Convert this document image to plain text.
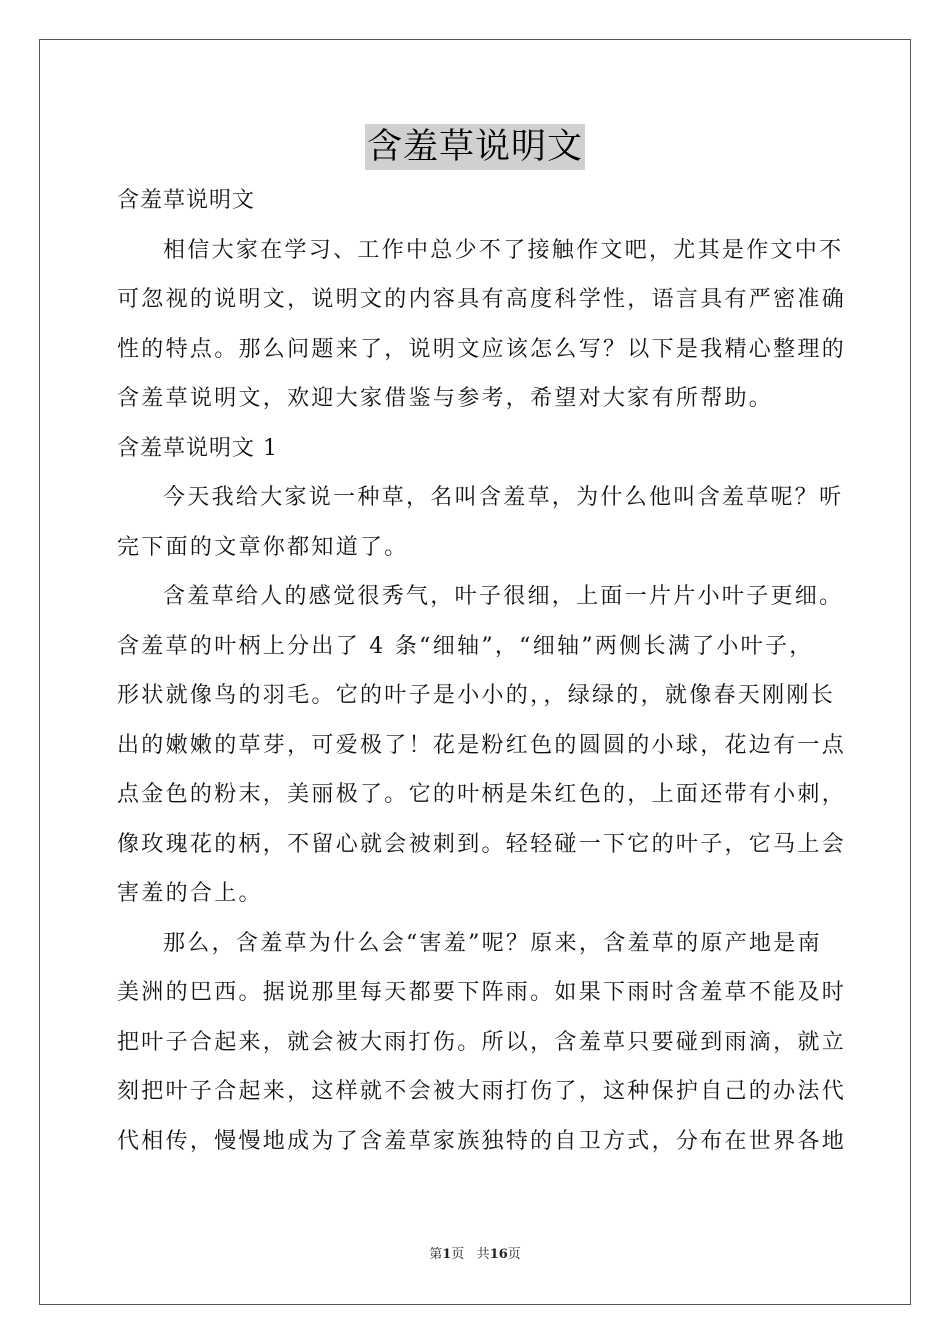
含羞草说明文
含羞草说明文
相信大家在学习、工作中总少不了接触作文吧，尤其是作文中不
可忽视的说明文，说明文的内容具有高度科学性，语言具有严密准确
性的特点。那么问题来了，说明文应该怎么写？以下是我精心整理的
含羞草说明文，欢迎大家借鉴与参考，希望对大家有所帮助。
含羞草说明文 1
今天我给大家说一种草，名叫含羞草，为什么他叫含羞草呢？听
完下面的文章你都知道了。
含羞草给人的感觉很秀气，叶子很细，上面一片片小叶子更细。
含羞草的叶柄上分出了 4 条“细轴”，“细轴”两侧长满了小叶子，
形状就像鸟的羽毛。它的叶子是小小的，，绿绿的，就像春天刚刚长
出的嫩嫩的草芽，可爱极了！花是粉红色的圆圆的小球，花边有一点
点金色的粉末，美丽极了。它的叶柄是朱红色的，上面还带有小刺，
像玫瑰花的柄，不留心就会被刺到。轻轻碰一下它的叶子，它马上会
害羞的合上。
那么，含羞草为什么会“害羞”呢？原来，含羞草的原产地是南
美洲的巴西。据说那里每天都要下阵雨。如果下雨时含羞草不能及时
把叶子合起来，就会被大雨打伤。所以，含羞草只要碰到雨滴，就立
刻把叶子合起来，这样就不会被大雨打伤了，这种保护自己的办法代
代相传，慢慢地成为了含羞草家族独特的自卫方式，分布在世界各地
第1页 共16页
